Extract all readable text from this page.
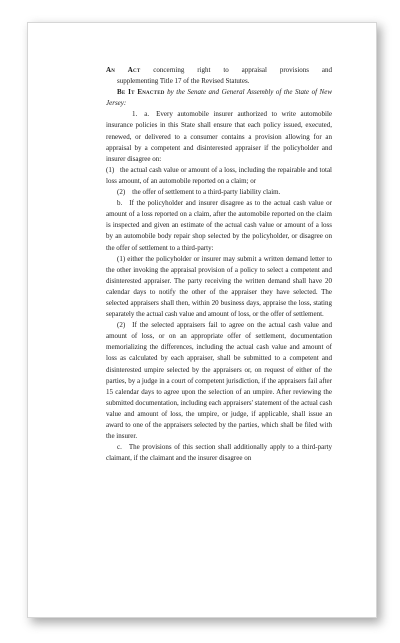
An Act concerning right to appraisal provisions and
supplementing Title 17 of the Revised Statutes.

Be It Enacted by the Senate and General Assembly of the State of New Jersey:

1. a. Every automobile insurer authorized to write automobile insurance policies in this State shall ensure that each policy issued, executed, renewed, or delivered to a consumer contains a provision allowing for an appraisal by a competent and disinterested appraiser if the policyholder and insurer disagree on:

(1) the actual cash value or amount of a loss, including the repairable and total loss amount, of an automobile reported on a claim; or

(2) the offer of settlement to a third-party liability claim.

b. If the policyholder and insurer disagree as to the actual cash value or amount of a loss reported on a claim, after the automobile reported on the claim is inspected and given an estimate of the actual cash value or amount of a loss by an automobile body repair shop selected by the policyholder, or disagree on the offer of settlement to a third-party:

(1) either the policyholder or insurer may submit a written demand letter to the other invoking the appraisal provision of a policy to select a competent and disinterested appraiser. The party receiving the written demand shall have 20 calendar days to notify the other of the appraiser they have selected. The selected appraisers shall then, within 20 business days, appraise the loss, stating separately the actual cash value and amount of loss, or the offer of settlement.

(2) If the selected appraisers fail to agree on the actual cash value and amount of loss, or on an appropriate offer of settlement, documentation memorializing the differences, including the actual cash value and amount of loss as calculated by each appraiser, shall be submitted to a competent and disinterested umpire selected by the appraisers or, on request of either of the parties, by a judge in a court of competent jurisdiction, if the appraisers fail after 15 calendar days to agree upon the selection of an umpire. After reviewing the submitted documentation, including each appraisers' statement of the actual cash value and amount of loss, the umpire, or judge, if applicable, shall issue an award to one of the appraisers selected by the parties, which shall be filed with the insurer.

c. The provisions of this section shall additionally apply to a third-party claimant, if the claimant and the insurer disagree on
